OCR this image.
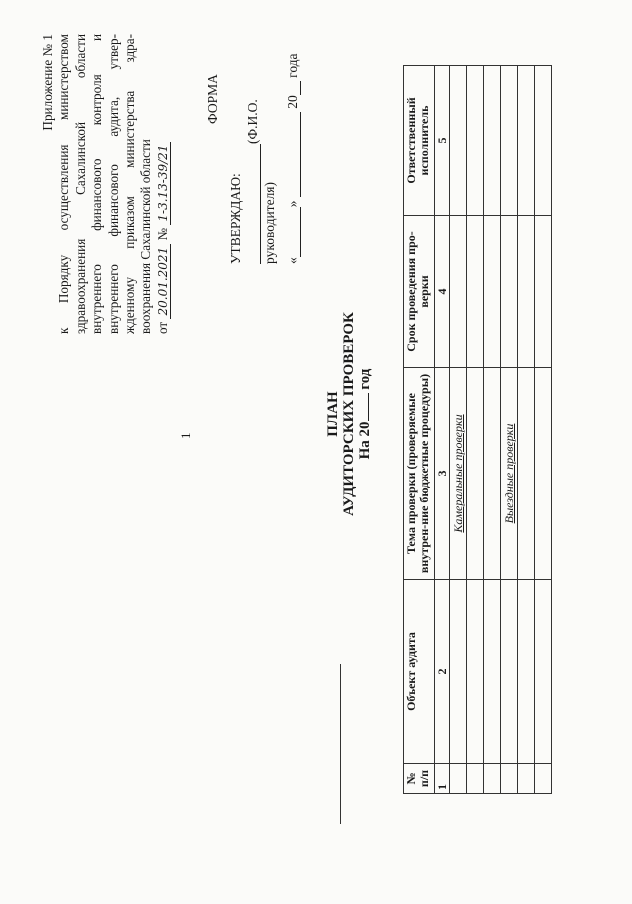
1
Приложение № 1 к Порядку осуществления министерством здравоохранения Сахалинской области внутреннего финансового контроля и внутреннего финансового аудита, утвер- жденному приказом министерства здра- воохранения Сахалинской области от 20.01.2021 № 1-3.13-39/21
ФОРМА
УТВЕРЖДАЮ:
(Ф.И.О. руководителя) «»  20 года
ПЛАН АУДИТОРСКИХ ПРОВЕРОК На 20 год
№ п/п	Объект аудита	Тема проверки (проверяемые внутрен-ние бюджетные процедуры)	Срок проведения про-верки	Ответственный исполнитель
1	2	3	4	5
		Камеральные проверки		

		Выездные проверки		
